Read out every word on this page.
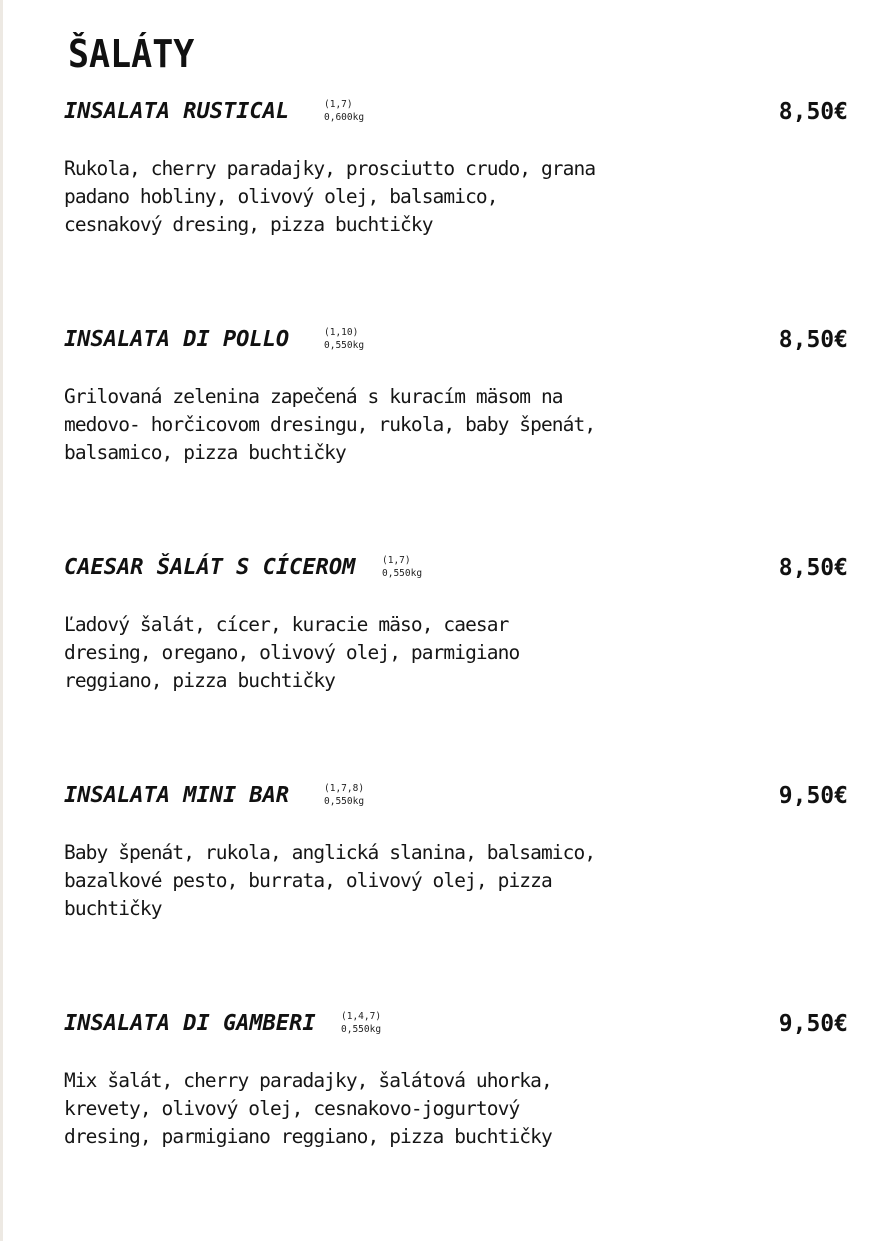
ŠALÁTY
INSALATA RUSTICAL	(1,7)
0,600kg	8,50€

Rukola, cherry paradajky, prosciutto crudo, grana
padano hobliny, olivový olej, balsamico,
cesnakový dresing, pizza buchtičky

INSALATA DI POLLO	(1,10)
0,550kg	8,50€

Grilovaná zelenina zapečená s kuracím mäsom na
medovo- horčicovom dresingu, rukola, baby špenát,
balsamico, pizza buchtičky

CAESAR ŠALÁT S CÍCEROM	(1,7)
0,550kg	8,50€

Ľadový šalát, cícer, kuracie mäso, caesar
dresing, oregano, olivový olej, parmigiano
reggiano, pizza buchtičky

INSALATA MINI BAR	(1,7,8)
0,550kg	9,50€

Baby špenát, rukola, anglická slanina, balsamico,
bazalkové pesto, burrata, olivový olej, pizza
buchtičky

INSALATA DI GAMBERI	(1,4,7)
0,550kg	9,50€

Mix šalát, cherry paradajky, šalátová uhorka,
krevety, olivový olej, cesnakovo-jogurtový
dresing, parmigiano reggiano, pizza buchtičky
